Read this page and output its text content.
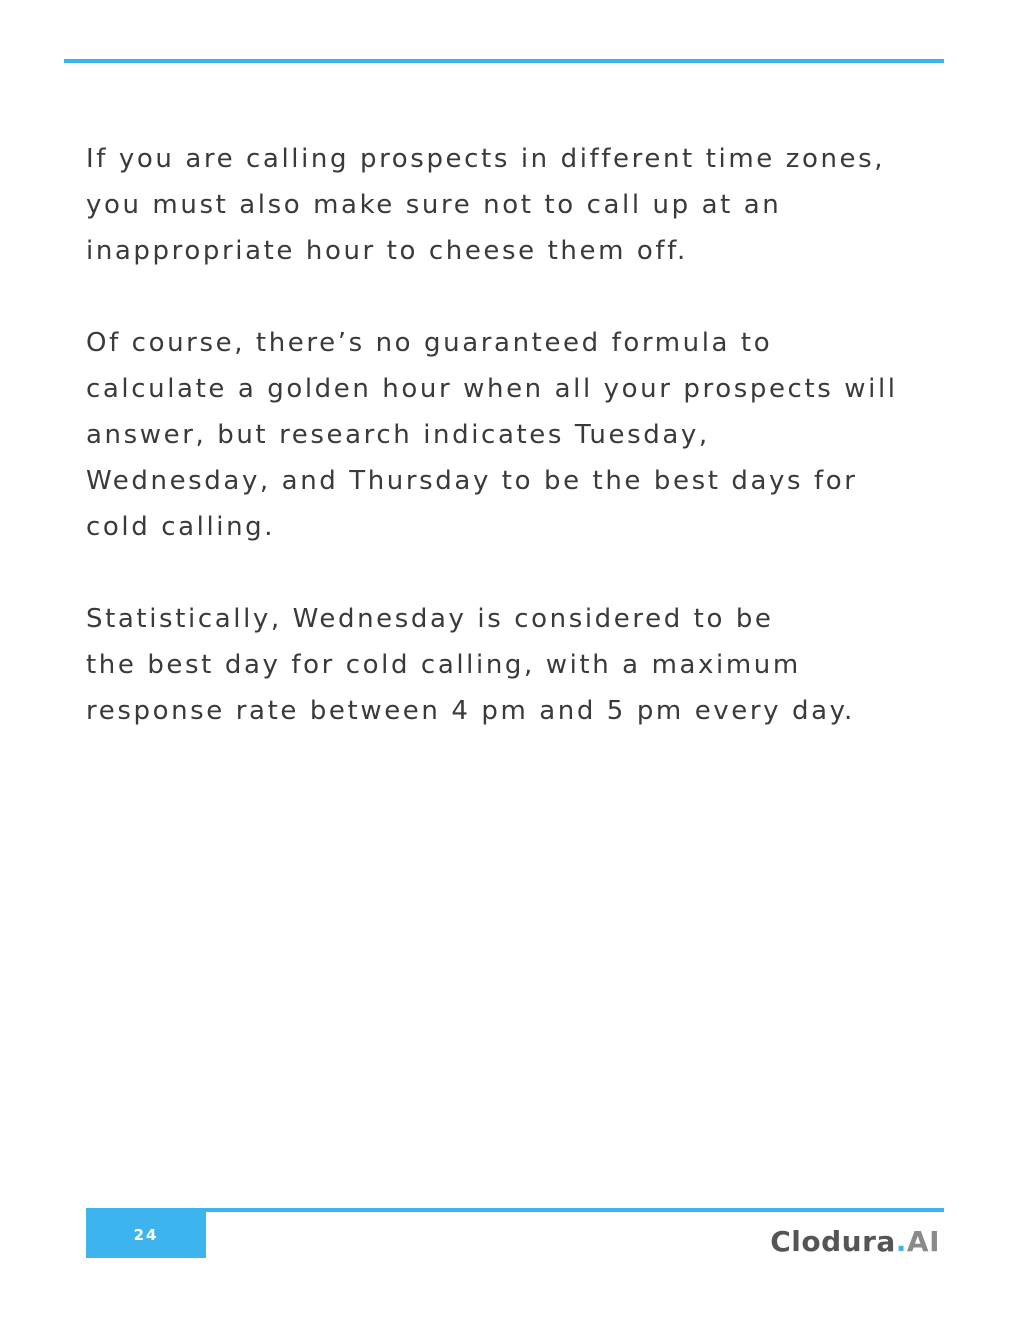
If you are calling prospects in different time zones,
you must also make sure not to call up at an
inappropriate hour to cheese them off.

Of course, there’s no guaranteed formula to
calculate a golden hour when all your prospects will
answer, but research indicates Tuesday,
Wednesday, and Thursday to be the best days for
cold calling.

Statistically, Wednesday is considered to be
the best day for cold calling, with a maximum
response rate between 4 pm and 5 pm every day.

24	Clodura.AI
